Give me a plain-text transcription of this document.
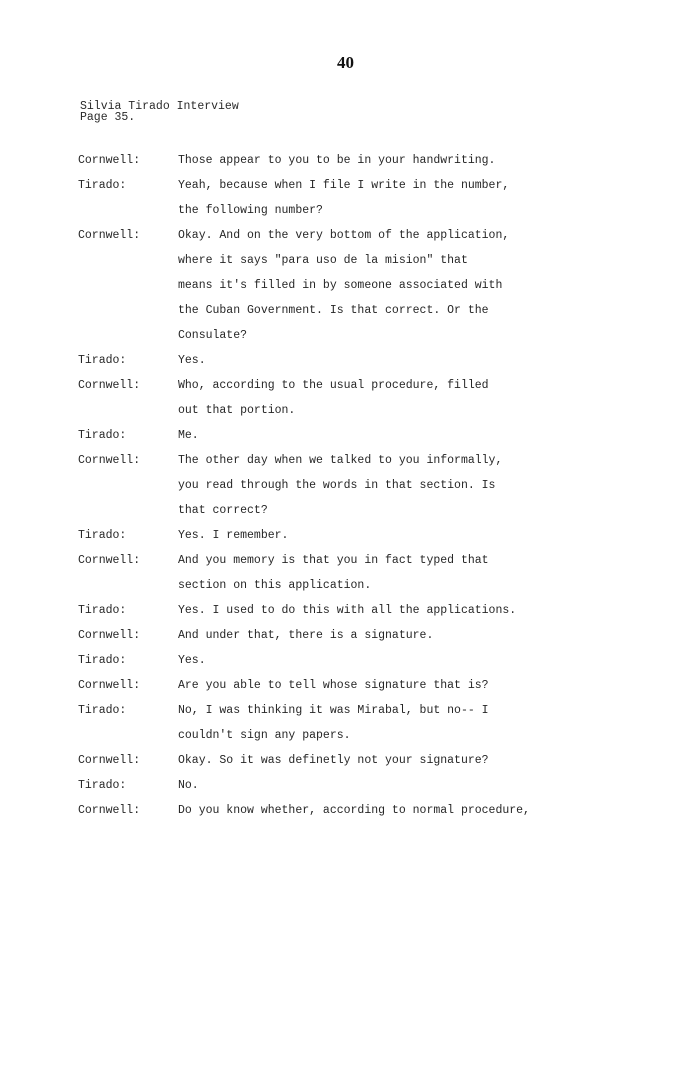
40
Silvia Tirado Interview
Page 35.
Cornwell:	Those appear to you to be in your handwriting.
Tirado:	Yeah, because when I file I write in the number,
the following number?
Cornwell:	Okay. And on the very bottom of the application,
where it says "para uso de la mision" that
means it's filled in by someone associated with
the Cuban Government. Is that correct. Or the
Consulate?
Tirado:	Yes.
Cornwell:	Who, according to the usual procedure, filled
out that portion.
Tirado:	Me.
Cornwell:	The other day when we talked to you informally,
you read through the words in that section. Is
that correct?
Tirado:	Yes. I remember.
Cornwell:	And you memory is that you in fact typed that
section on this application.
Tirado:	Yes. I used to do this with all the applications.
Cornwell:	And under that, there is a signature.
Tirado:	Yes.
Cornwell:	Are you able to tell whose signature that is?
Tirado:	No, I was thinking it was Mirabal, but no-- I
couldn't sign any papers.
Cornwell:	Okay. So it was definetly not your signature?
Tirado:	No.
Cornwell:	Do you know whether, according to normal procedure,
